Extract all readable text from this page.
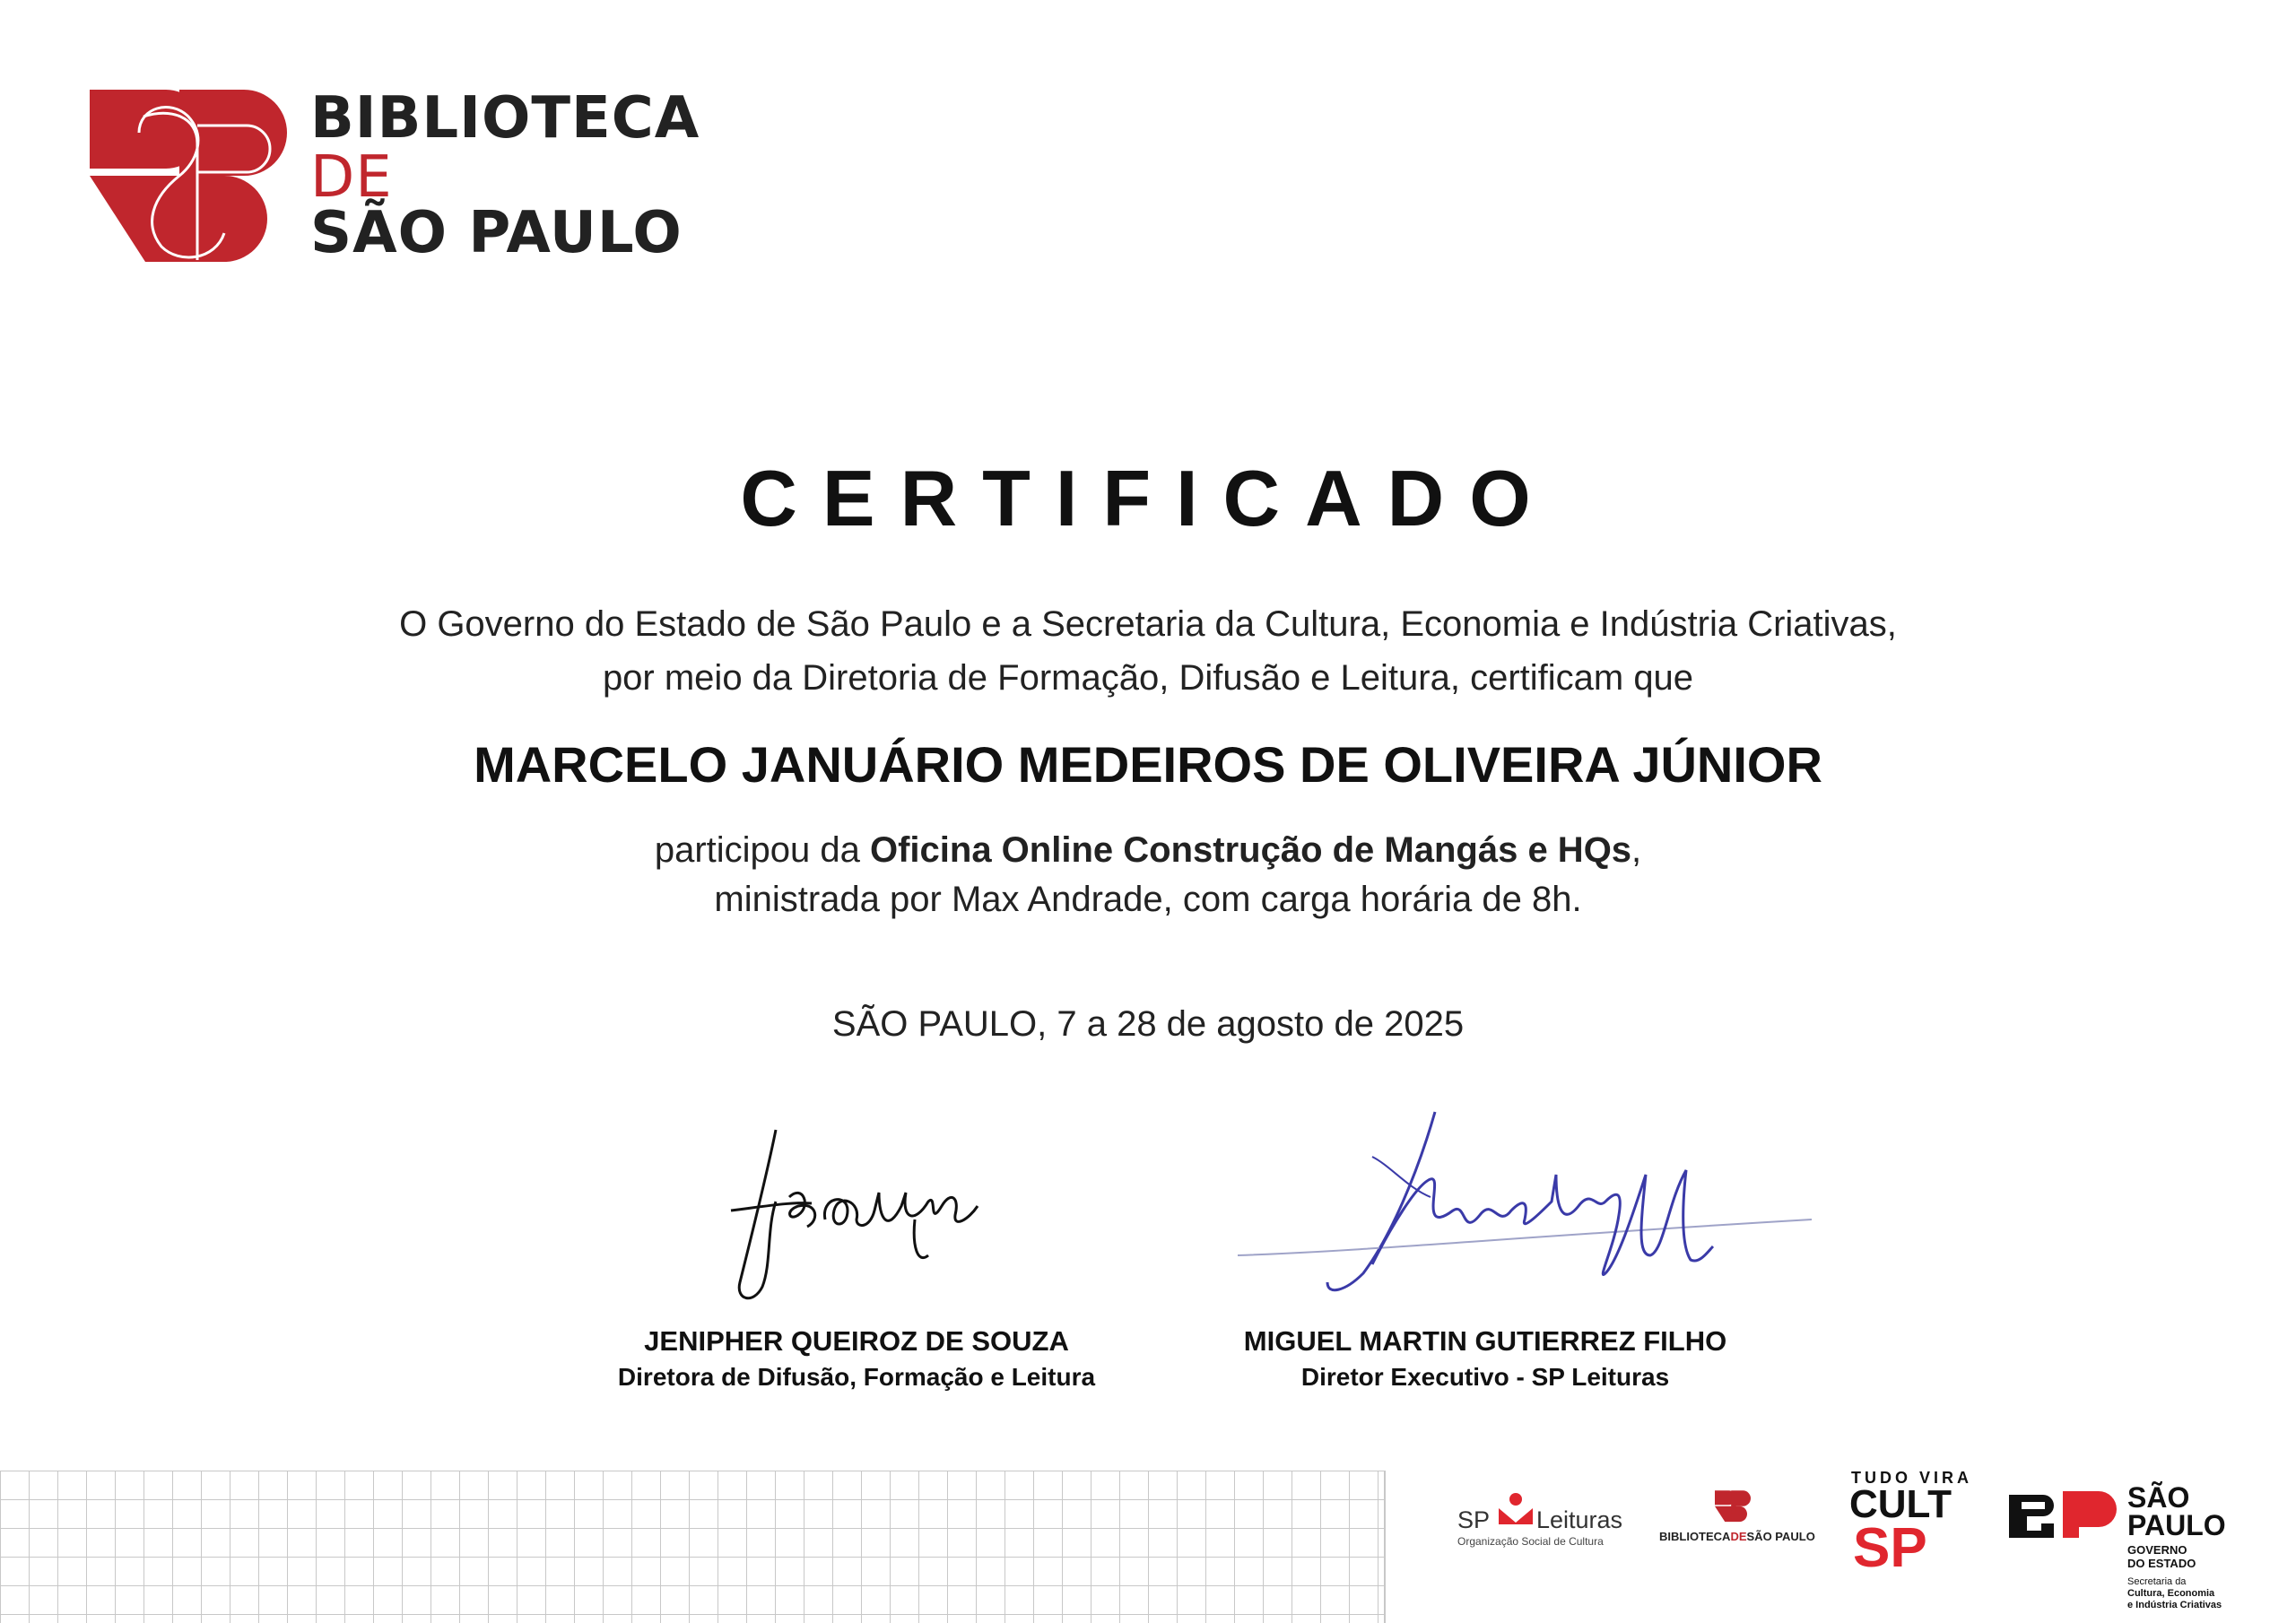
BIBLIOTECA
DE
SÃO PAULO
CERTIFICADO
O Governo do Estado de São Paulo e a Secretaria da Cultura, Economia e Indústria Criativas,
por meio da Diretoria de Formação, Difusão e Leitura, certificam que
MARCELO JANUÁRIO MEDEIROS DE OLIVEIRA JÚNIOR
participou da Oficina Online Construção de Mangás e HQs,
ministrada por Max Andrade, com carga horária de 8h.
SÃO PAULO, 7 a 28 de agosto de 2025
JENIPHER QUEIROZ DE SOUZA
Diretora de Difusão, Formação e Leitura
MIGUEL MARTIN GUTIERREZ FILHO
Diretor Executivo - SP Leituras
SP Leituras
Organização Social de Cultura	BIBLIOTECADESÃO PAULO
TUDO VIRA
CULT
SP
SÃO
PAULO
GOVERNO
DO ESTADO
Secretaria da
Cultura, Economia
e Indústria Criativas
